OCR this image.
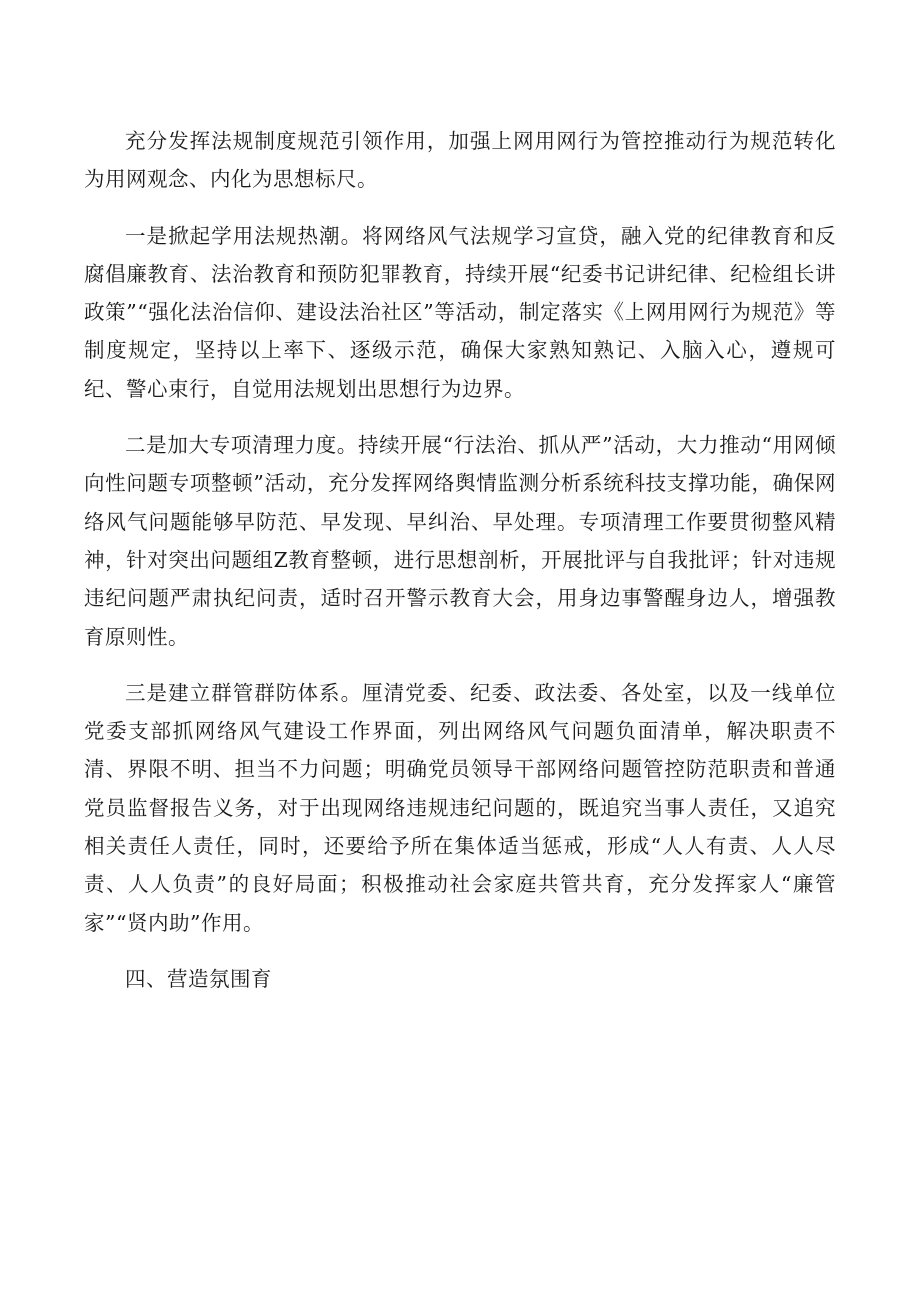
充分发挥法规制度规范引领作用，加强上网用网行为管控推动行为规范转化为用网观念、内化为思想标尺。

一是掀起学用法规热潮。将网络风气法规学习宣贷，融入党的纪律教育和反腐倡廉教育、法治教育和预防犯罪教育，持续开展“纪委书记讲纪律、纪检组长讲政策”“强化法治信仰、建设法治社区”等活动，制定落实《上网用网行为规范》等制度规定，坚持以上率下、逐级示范，确保大家熟知熟记、入脑入心，遵规可纪、警心束行，自觉用法规划出思想行为边界。

二是加大专项清理力度。持续开展“行法治、抓从严”活动，大力推动“用网倾向性问题专项整顿”活动，充分发挥网络舆情监测分析系统科技支撑功能，确保网络风气问题能够早防范、早发现、早纠治、早处理。专项清理工作要贯彻整风精神，针对突出问题组Z教育整顿，进行思想剖析，开展批评与自我批评；针对违规违纪问题严肃执纪问责，适时召开警示教育大会，用身边事警醒身边人，增强教育原则性。

三是建立群管群防体系。厘清党委、纪委、政法委、各处室，以及一线单位党委支部抓网络风气建设工作界面，列出网络风气问题负面清单，解决职责不清、界限不明、担当不力问题；明确党员领导干部网络问题管控防范职责和普通党员监督报告义务，对于出现网络违规违纪问题的，既追究当事人责任，又追究相关责任人责任，同时，还要给予所在集体适当惩戒，形成“人人有责、人人尽责、人人负责”的良好局面；积极推动社会家庭共管共育，充分发挥家人“廉管家”“贤内助”作用。

四、营造氛围育
